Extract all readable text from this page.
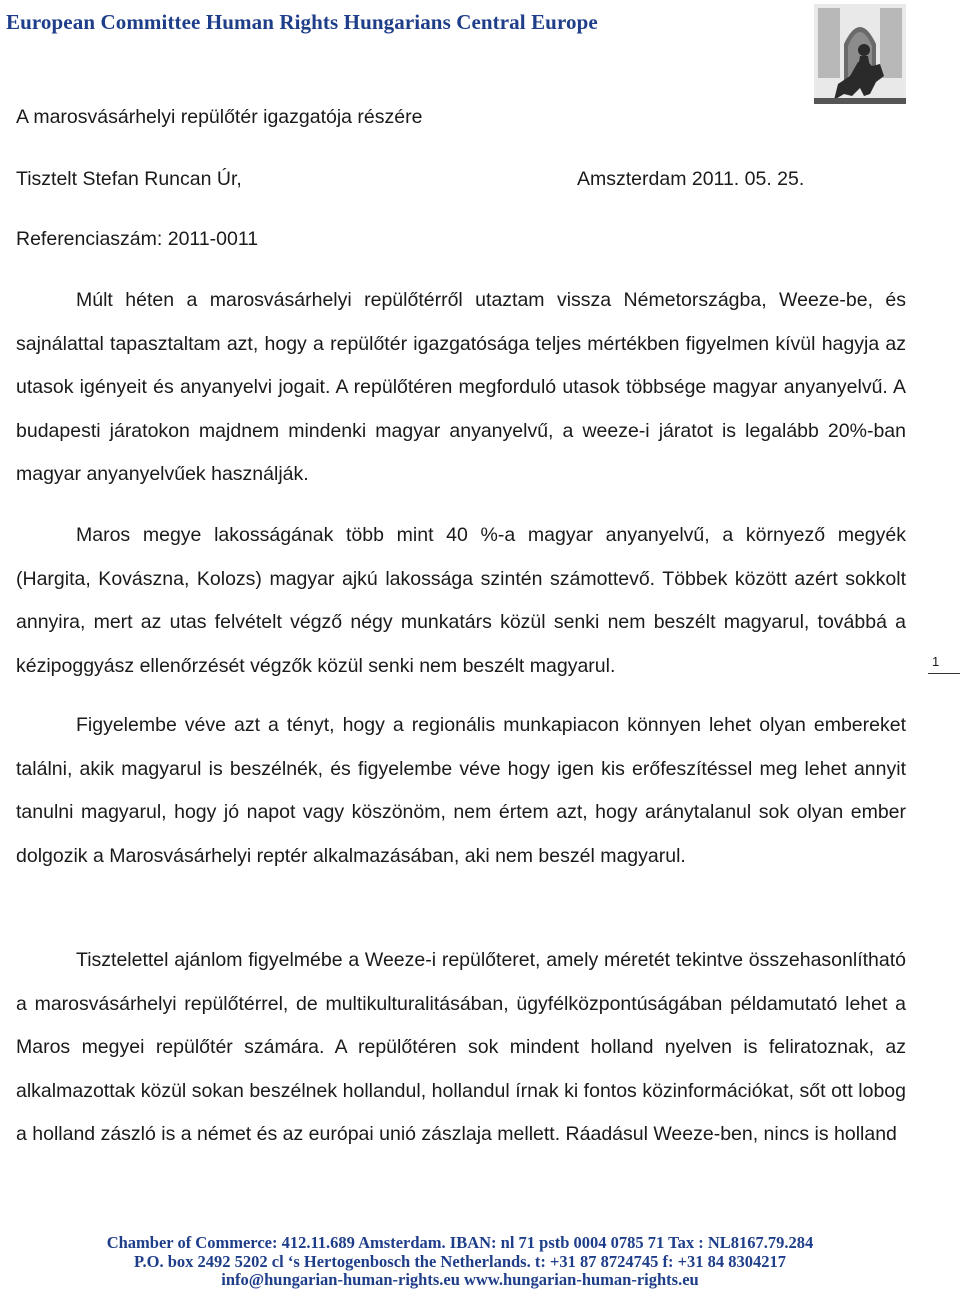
European Committee Human Rights Hungarians Central Europe
A marosvásárhelyi repülőtér igazgatója részére
Tisztelt Stefan Runcan Úr,	Amszterdam 2011. 05. 25.
Referenciaszám: 2011-0011
Múlt héten a marosvásárhelyi repülőtérről utaztam vissza Németországba, Weeze-be, és sajnálattal tapasztaltam azt, hogy a repülőtér igazgatósága teljes mértékben figyelmen kívül hagyja az utasok igényeit és anyanyelvi jogait. A repülőtéren megforduló utasok többsége magyar anyanyelvű. A budapesti járatokon majdnem mindenki magyar anyanyelvű, a weeze-i járatot is legalább 20%-ban magyar anyanyelvűek használják.
Maros megye lakosságának több mint 40 %-a magyar anyanyelvű, a környező megyék (Hargita, Kovászna, Kolozs) magyar ajkú lakossága szintén számottevő. Többek között azért sokkolt annyira, mert az utas felvételt végző négy munkatárs közül senki nem beszélt magyarul, továbbá a kézipoggyász ellenőrzését végzők közül senki nem beszélt magyarul.
Figyelembe véve azt a tényt, hogy a regionális munkapiacon könnyen lehet olyan embereket találni, akik magyarul is beszélnék, és figyelembe véve hogy igen kis erőfeszítéssel meg lehet annyit tanulni magyarul, hogy jó napot vagy köszönöm, nem értem azt, hogy aránytalanul sok olyan ember dolgozik a Marosvásárhelyi reptér alkalmazásában, aki nem beszél magyarul.
Tisztelettel ajánlom figyelmébe a Weeze-i repülőteret, amely méretét tekintve összehasonlítható a marosvásárhelyi repülőtérrel, de multikulturalitásában, ügyfélközpontúságában példamutató lehet a Maros megyei repülőtér számára. A repülőtéren sok mindent holland nyelven is feliratoznak, az alkalmazottak közül sokan beszélnek hollandul, hollandul írnak ki fontos közinformációkat, sőt ott lobog a holland zászló is a német és az európai unió zászlaja mellett. Ráadásul Weeze-ben, nincs is holland
1
Chamber of Commerce: 412.11.689 Amsterdam. IBAN: nl 71 pstb 0004 0785 71 Tax : NL8167.79.284
P.O. box 2492 5202 cl ‘s Hertogenbosch the Netherlands. t: +31 87 8724745 f: +31 84 8304217
info@hungarian-human-rights.eu www.hungarian-human-rights.eu
